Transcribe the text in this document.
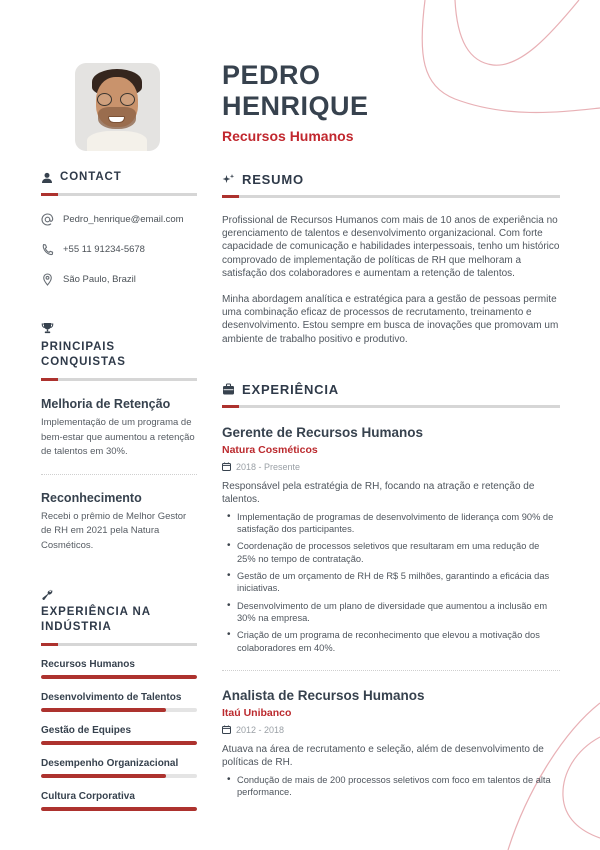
PEDRO
HENRIQUE
Recursos Humanos
CONTACT
Pedro_henrique@email.com
+55 11 91234-5678
São Paulo, Brazil
PRINCIPAIS CONQUISTAS
Melhoria de Retenção

Implementação de um programa de bem-estar que aumentou a retenção de talentos em 30%.

Reconhecimento

Recebi o prêmio de Melhor Gestor de RH em 2021 pela Natura Cosméticos.

EXPERIÊNCIA NA INDÚSTRIA
Recursos Humanos
Desenvolvimento de Talentos
Gestão de Equipes
Desempenho Organizacional
Cultura Corporativa
RESUMO

Profissional de Recursos Humanos com mais de 10 anos de experiência no gerenciamento de talentos e desenvolvimento organizacional. Com forte capacidade de comunicação e habilidades interpessoais, tenho um histórico comprovado de implementação de políticas de RH que melhoram a satisfação dos colaboradores e aumentam a retenção de talentos.

Minha abordagem analítica e estratégica para a gestão de pessoas permite uma combinação eficaz de processos de recrutamento, treinamento e desenvolvimento. Estou sempre em busca de inovações que promovam um ambiente de trabalho positivo e produtivo.

EXPERIÊNCIA
Gerente de Recursos Humanos
Natura Cosméticos
2018 - Presente

Responsável pela estratégia de RH, focando na atração e retenção de talentos.

• Implementação de programas de desenvolvimento de liderança com 90% de satisfação dos participantes.
• Coordenação de processos seletivos que resultaram em uma redução de 25% no tempo de contratação.
• Gestão de um orçamento de RH de R$ 5 milhões, garantindo a eficácia das iniciativas.
• Desenvolvimento de um plano de diversidade que aumentou a inclusão em 30% na empresa.
• Criação de um programa de reconhecimento que elevou a motivação dos colaboradores em 40%.
Analista de Recursos Humanos
Itaú Unibanco
2012 - 2018

Atuava na área de recrutamento e seleção, além de desenvolvimento de políticas de RH.

• Condução de mais de 200 processos seletivos com foco em talentos de alta performance.
